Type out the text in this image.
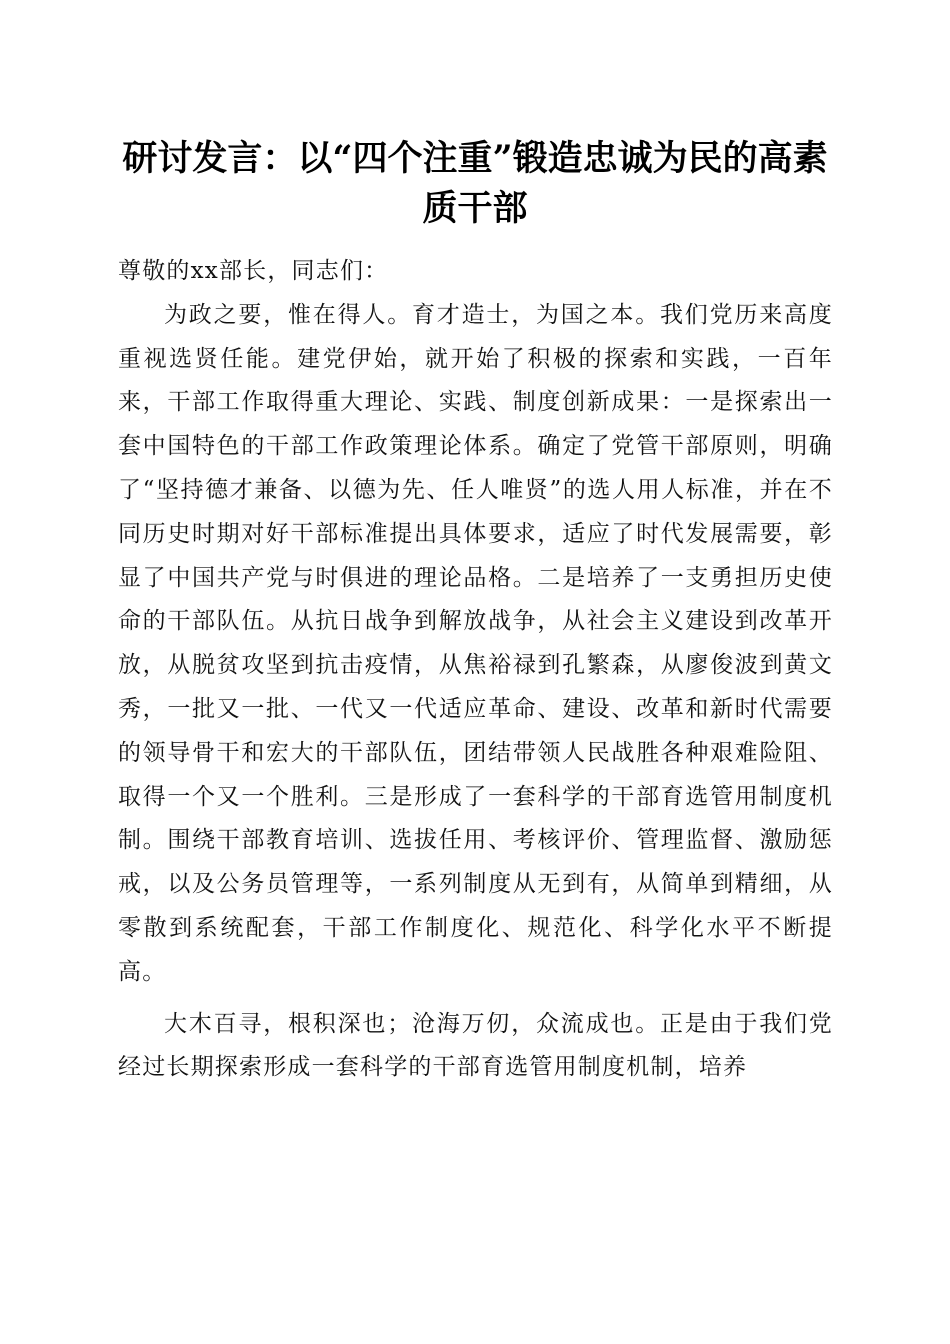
研讨发言：以“四个注重”锻造忠诚为民的高素质干部

尊敬的xx部长，同志们：

为政之要，惟在得人。育才造士，为国之本。我们党历来高度重视选贤任能。建党伊始，就开始了积极的探索和实践，一百年来，干部工作取得重大理论、实践、制度创新成果：一是探索出一套中国特色的干部工作政策理论体系。确定了党管干部原则，明确了“坚持德才兼备、以德为先、任人唯贤”的选人用人标准，并在不同历史时期对好干部标准提出具体要求，适应了时代发展需要，彰显了中国共产党与时俱进的理论品格。二是培养了一支勇担历史使命的干部队伍。从抗日战争到解放战争，从社会主义建设到改革开放，从脱贫攻坚到抗击疫情，从焦裕禄到孔繁森，从廖俊波到黄文秀，一批又一批、一代又一代适应革命、建设、改革和新时代需要的领导骨干和宏大的干部队伍，团结带领人民战胜各种艰难险阻、取得一个又一个胜利。三是形成了一套科学的干部育选管用制度机制。围绕干部教育培训、选拔任用、考核评价、管理监督、激励惩戒，以及公务员管理等，一系列制度从无到有，从简单到精细，从零散到系统配套，干部工作制度化、规范化、科学化水平不断提高。

大木百寻，根积深也；沧海万仞，众流成也。正是由于我们党经过长期探索形成一套科学的干部育选管用制度机制，培养
